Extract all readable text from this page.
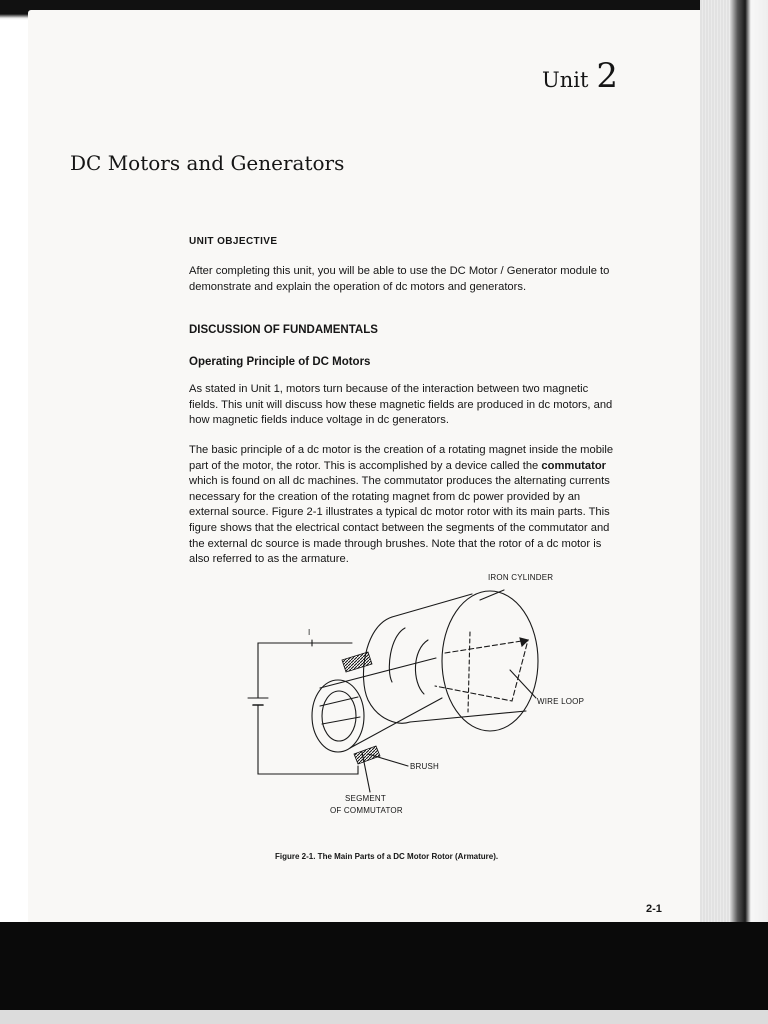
Unit 2
DC Motors and Generators
UNIT OBJECTIVE

After completing this unit, you will be able to use the DC Motor / Generator module to demonstrate and explain the operation of dc motors and generators.

DISCUSSION OF FUNDAMENTALS
Operating Principle of DC Motors

As stated in Unit 1, motors turn because of the interaction between two magnetic fields. This unit will discuss how these magnetic fields are produced in dc motors, and how magnetic fields induce voltage in dc generators.

The basic principle of a dc motor is the creation of a rotating magnet inside the mobile part of the motor, the rotor. This is accomplished by a device called the commutator which is found on all dc machines. The commutator produces the alternating currents necessary for the creation of the rotating magnet from dc power provided by an external source. Figure 2-1 illustrates a typical dc motor rotor with its main parts. This figure shows that the electrical contact between the segments of the commutator and the external dc source is made through brushes. Note that the rotor of a dc motor is also referred to as the armature.

IRON CYLINDER
WIRE LOOP
BRUSH
SEGMENT
OF COMMUTATOR
I
Figure 2-1. The Main Parts of a DC Motor Rotor (Armature).
2-1
